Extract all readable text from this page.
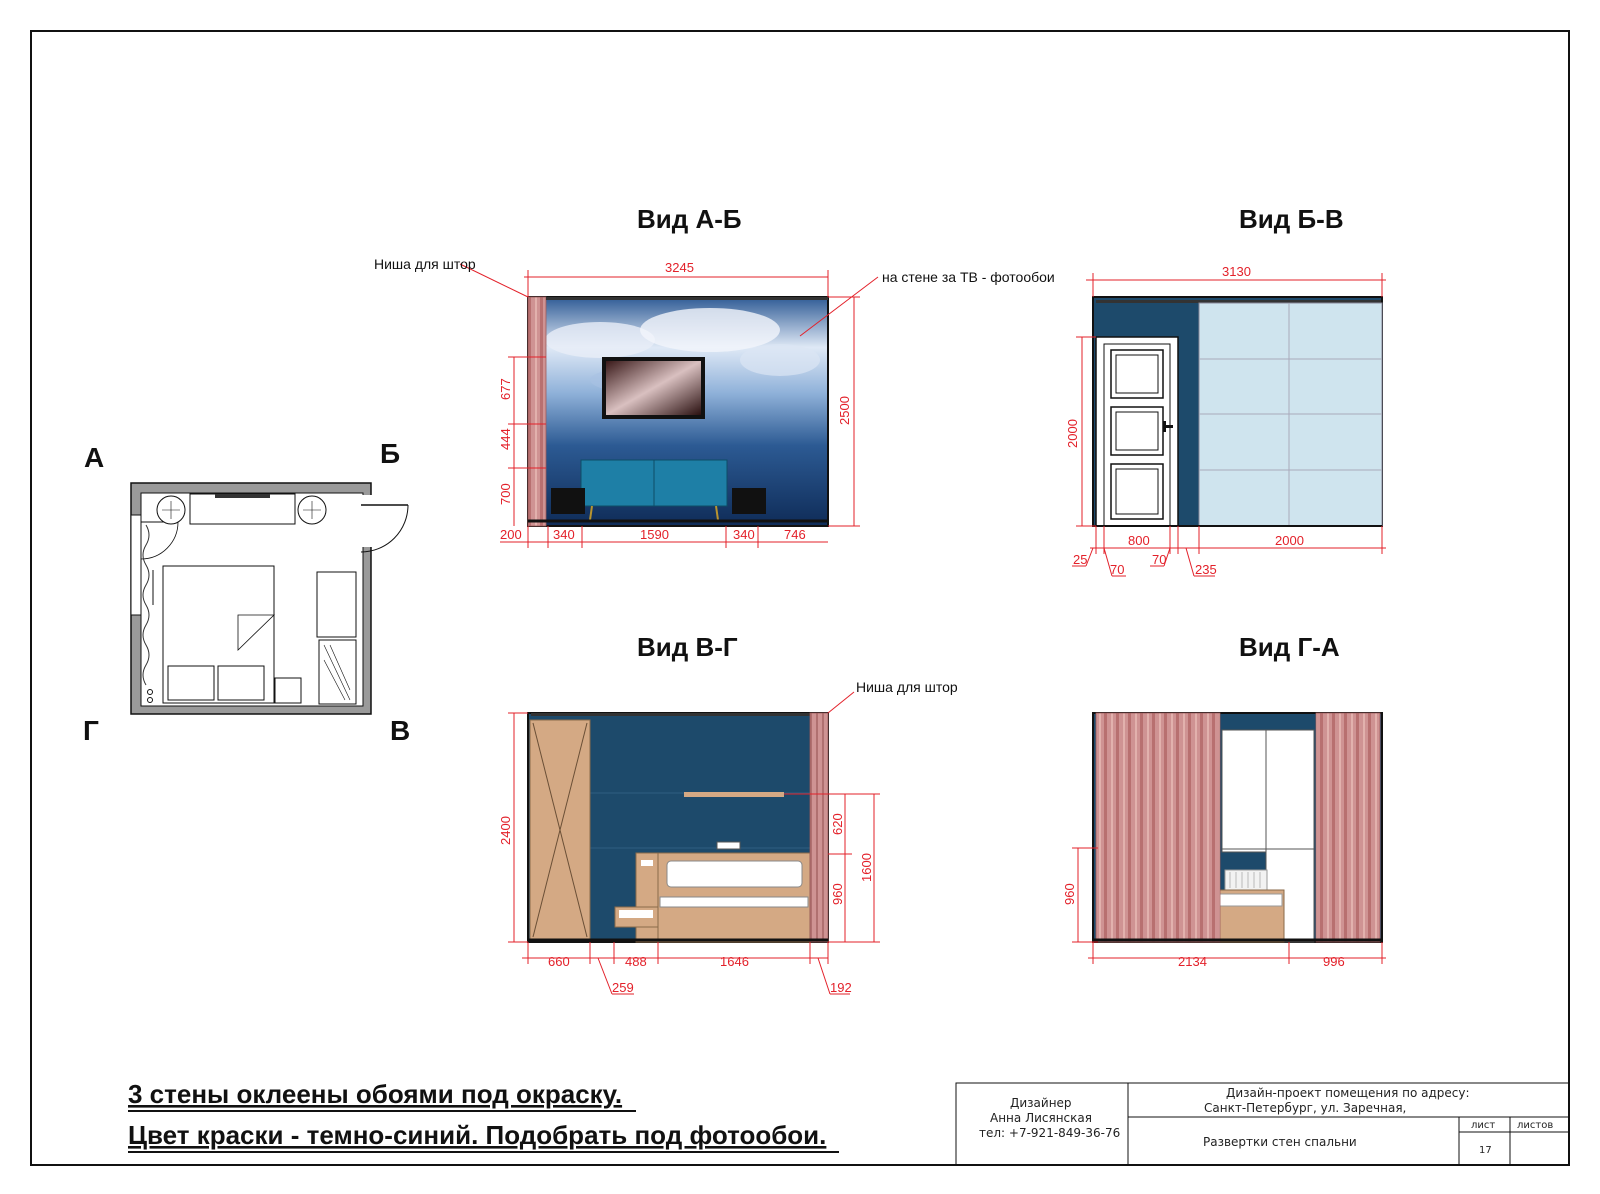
А	Б
Г	В
Вид А-Б
3245
2500
677
444
700
200 340	1590	340 746
Ниша для штор
на стене за ТВ - фотообои
Вид Б-В
3130
2000
800	2000
25
70
70
235
Вид В-Г
2400	620
960
1600
660	488	1646
259	192
Ниша для штор
Вид Г-А
960
2134	996
3 стены оклеены обоями под окраску.
Цвет краски - темно-синий. Подобрать под фотообои.
Дизайнер
Анна Лисянская
тел: +7-921-849-36-76
Дизайн-проект помещения по адресу:
Санкт-Петербург, ул. Заречная,
Развертки стен спальни
лист листов
17
